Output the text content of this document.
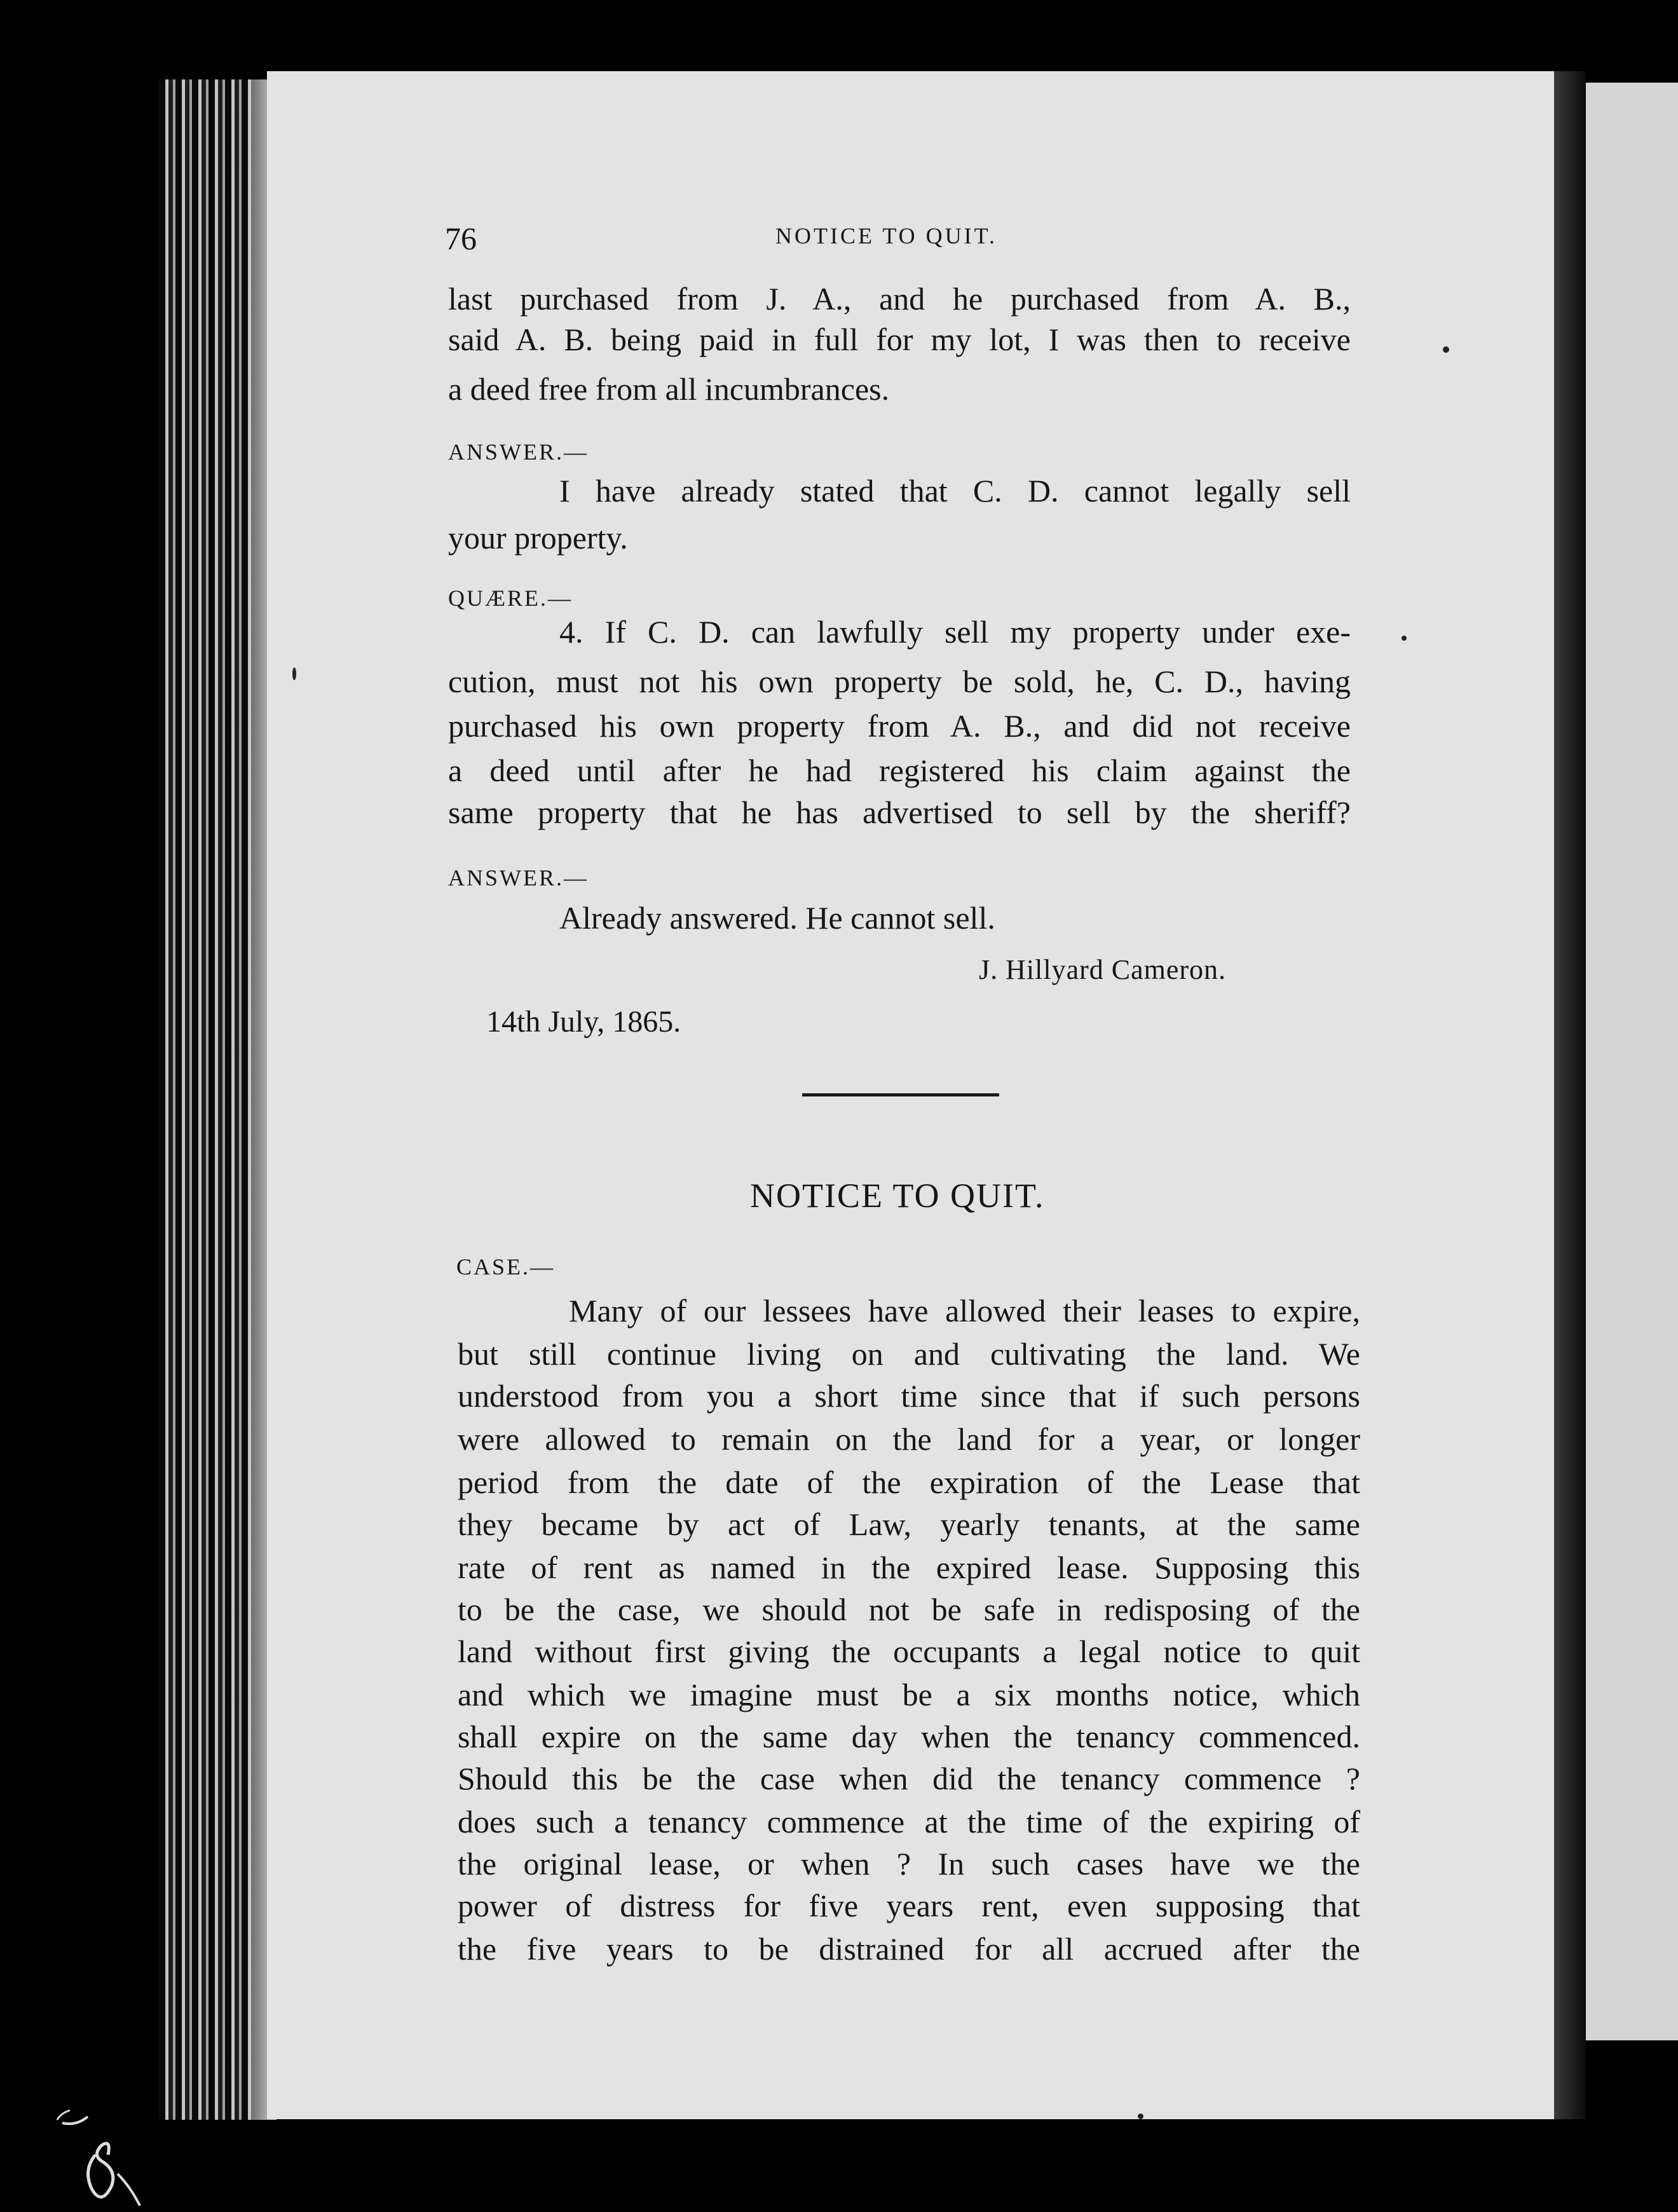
76	NOTICE TO QUIT.
last purchased from J. A., and he purchased from A. B.,
said A. B. being paid in full for my lot, I was then to receive
a deed free from all incumbrances.
ANSWER.—
I have already stated that C. D. cannot legally sell
your property.
QUÆRE.—
4. If C. D. can lawfully sell my property under exe-
cution, must not his own property be sold, he, C. D., having
purchased his own property from A. B., and did not receive
a deed until after he had registered his claim against the
same property that he has advertised to sell by the sheriff?
ANSWER.—
Already answered. He cannot sell.
J. Hillyard Cameron.
14th July, 1865.
NOTICE TO QUIT.
CASE.—
Many of our lessees have allowed their leases to expire,
but still continue living on and cultivating the land. We
understood from you a short time since that if such persons
were allowed to remain on the land for a year, or longer
period from the date of the expiration of the Lease that
they became by act of Law, yearly tenants, at the same
rate of rent as named in the expired lease. Supposing this
to be the case, we should not be safe in redisposing of the
land without first giving the occupants a legal notice to quit
and which we imagine must be a six months notice, which
shall expire on the same day when the tenancy commenced.
Should this be the case when did the tenancy commence ?
does such a tenancy commence at the time of the expiring of
the original lease, or when ? In such cases have we the
power of distress for five years rent, even supposing that
the five years to be distrained for all accrued after the
